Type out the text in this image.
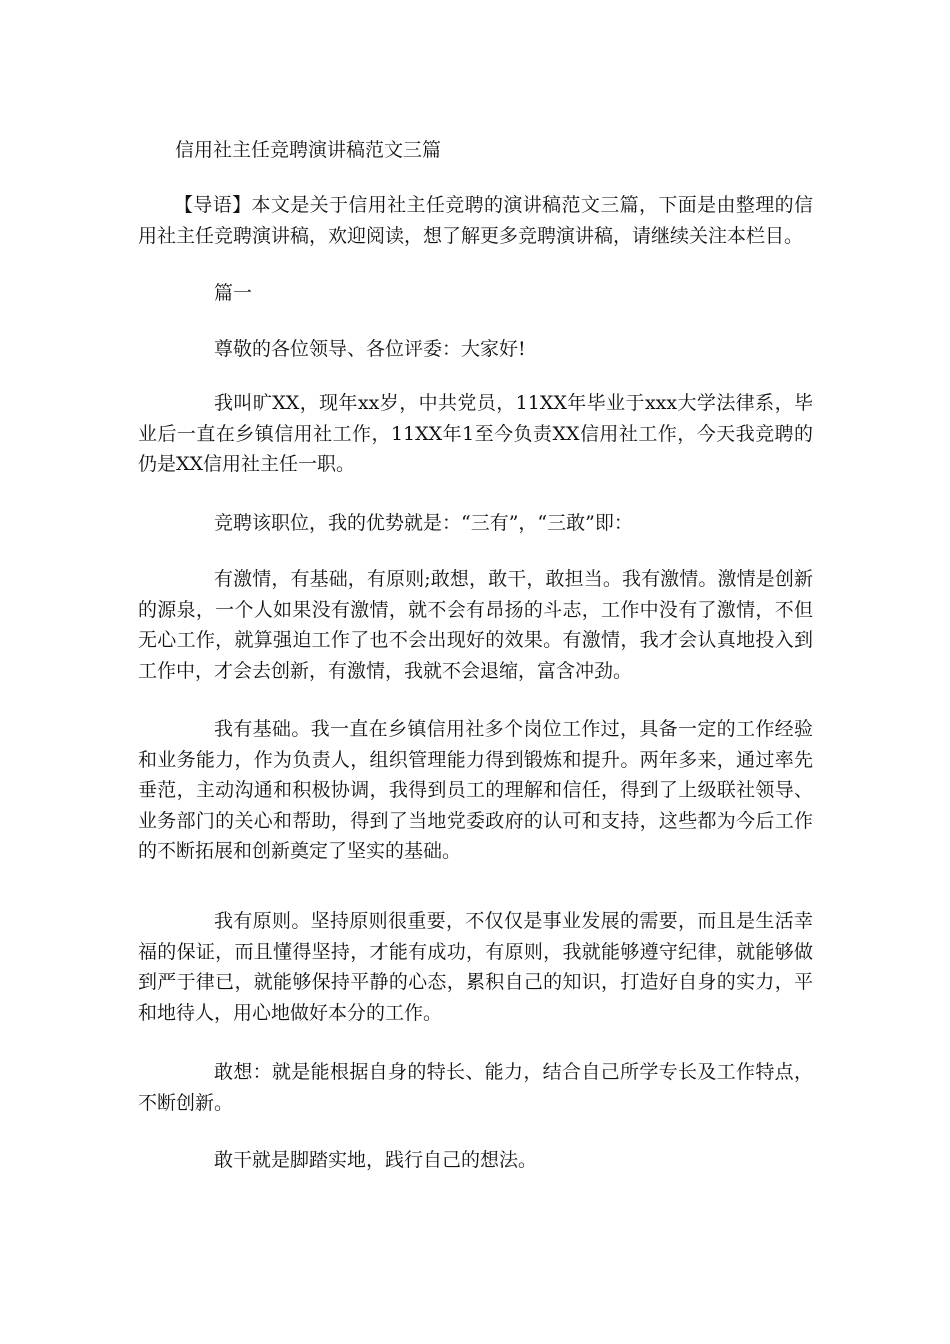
信用社主任竞聘演讲稿范文三篇

【导语】本文是关于信用社主任竞聘的演讲稿范文三篇，下面是由整理的信用社主任竞聘演讲稿，欢迎阅读，想了解更多竞聘演讲稿，请继续关注本栏目。

篇一

尊敬的各位领导、各位评委：大家好!

我叫旷XX，现年xx岁，中共党员，11XX年毕业于xxx大学法律系，毕业后一直在乡镇信用社工作，11XX年1至今负责XX信用社工作，今天我竞聘的仍是XX信用社主任一职。

竞聘该职位，我的优势就是：“三有”，“三敢”即：

有激情，有基础，有原则;敢想，敢干，敢担当。我有激情。激情是创新的源泉，一个人如果没有激情，就不会有昂扬的斗志，工作中没有了激情，不但无心工作，就算强迫工作了也不会出现好的效果。有激情，我才会认真地投入到工作中，才会去创新，有激情，我就不会退缩，富含冲劲。

我有基础。我一直在乡镇信用社多个岗位工作过，具备一定的工作经验和业务能力，作为负责人，组织管理能力得到锻炼和提升。两年多来，通过率先垂范，主动沟通和积极协调，我得到员工的理解和信任，得到了上级联社领导、业务部门的关心和帮助，得到了当地党委政府的认可和支持，这些都为今后工作的不断拓展和创新奠定了坚实的基础。

我有原则。坚持原则很重要，不仅仅是事业发展的需要，而且是生活幸福的保证，而且懂得坚持，才能有成功，有原则，我就能够遵守纪律，就能够做到严于律已，就能够保持平静的心态，累积自己的知识，打造好自身的实力，平和地待人，用心地做好本分的工作。

敢想：就是能根据自身的特长、能力，结合自己所学专长及工作特点，不断创新。

敢干就是脚踏实地，践行自己的想法。
